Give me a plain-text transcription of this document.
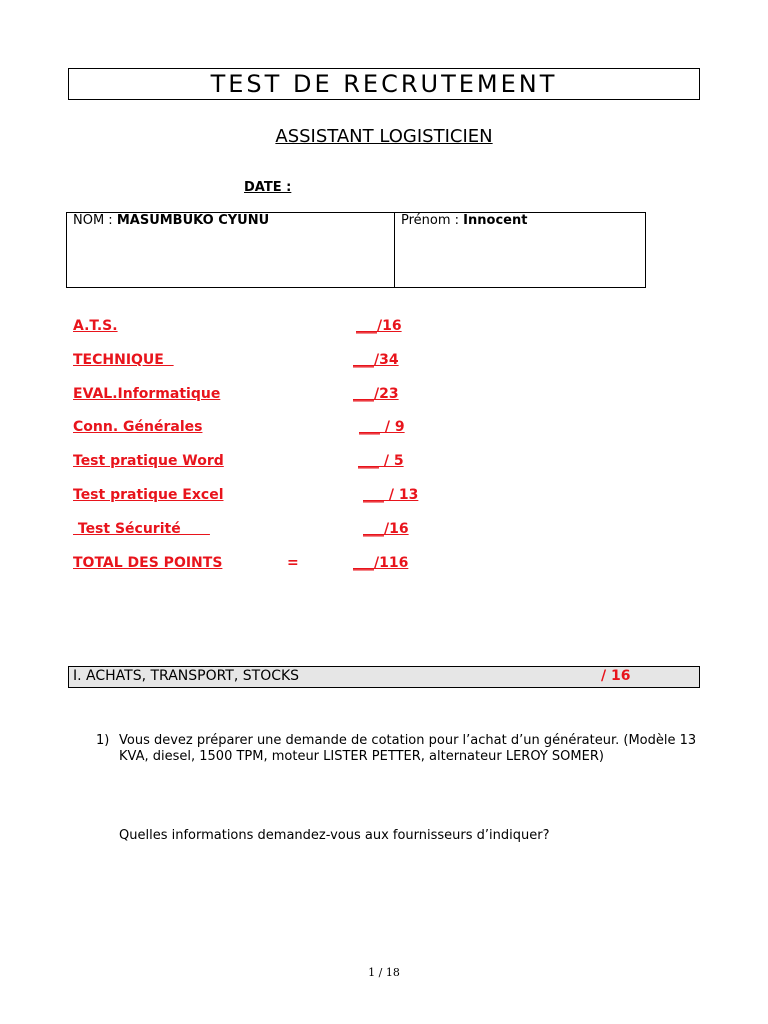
TEST DE RECRUTEMENT
ASSISTANT LOGISTICIEN
DATE :
NOM : MASUMBUKO CYUNU	Prénom : Innocent
A.T.S.	___/16
TECHNIQUE	___/34
EVAL.Informatique	___/23
Conn. Générales	___ / 9
Test pratique Word	___ / 5
Test pratique Excel	___ / 13
Test Sécurité	___/16
TOTAL DES POINTS	=	___/116
I. ACHATS, TRANSPORT, STOCKS	/ 16
1) Vous devez préparer une demande de cotation pour l’achat d’un générateur. (Modèle 13 KVA, diesel, 1500 TPM, moteur LISTER PETTER, alternateur LEROY SOMER)
Quelles informations demandez-vous aux fournisseurs d’indiquer?
1 / 18
